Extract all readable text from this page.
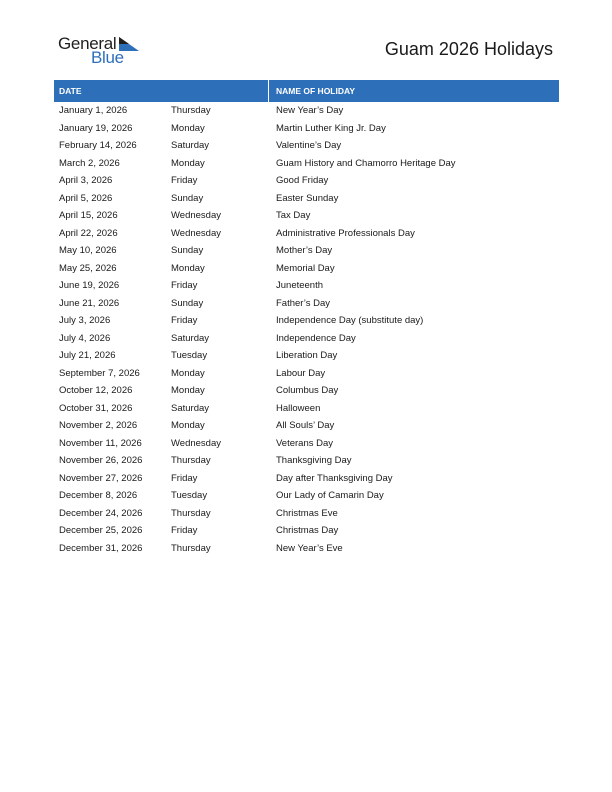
General
Blue	Guam 2026 Holidays
DATE	NAME OF HOLIDAY
January 1, 2026	Thursday	New Year’s Day
January 19, 2026	Monday	Martin Luther King Jr. Day
February 14, 2026	Saturday	Valentine’s Day
March 2, 2026	Monday	Guam History and Chamorro Heritage Day
April 3, 2026	Friday	Good Friday
April 5, 2026	Sunday	Easter Sunday
April 15, 2026	Wednesday	Tax Day
April 22, 2026	Wednesday	Administrative Professionals Day
May 10, 2026	Sunday	Mother’s Day
May 25, 2026	Monday	Memorial Day
June 19, 2026	Friday	Juneteenth
June 21, 2026	Sunday	Father’s Day
July 3, 2026	Friday	Independence Day (substitute day)
July 4, 2026	Saturday	Independence Day
July 21, 2026	Tuesday	Liberation Day
September 7, 2026	Monday	Labour Day
October 12, 2026	Monday	Columbus Day
October 31, 2026	Saturday	Halloween
November 2, 2026	Monday	All Souls’ Day
November 11, 2026	Wednesday	Veterans Day
November 26, 2026	Thursday	Thanksgiving Day
November 27, 2026	Friday	Day after Thanksgiving Day
December 8, 2026	Tuesday	Our Lady of Camarin Day
December 24, 2026	Thursday	Christmas Eve
December 25, 2026	Friday	Christmas Day
December 31, 2026	Thursday	New Year’s Eve
